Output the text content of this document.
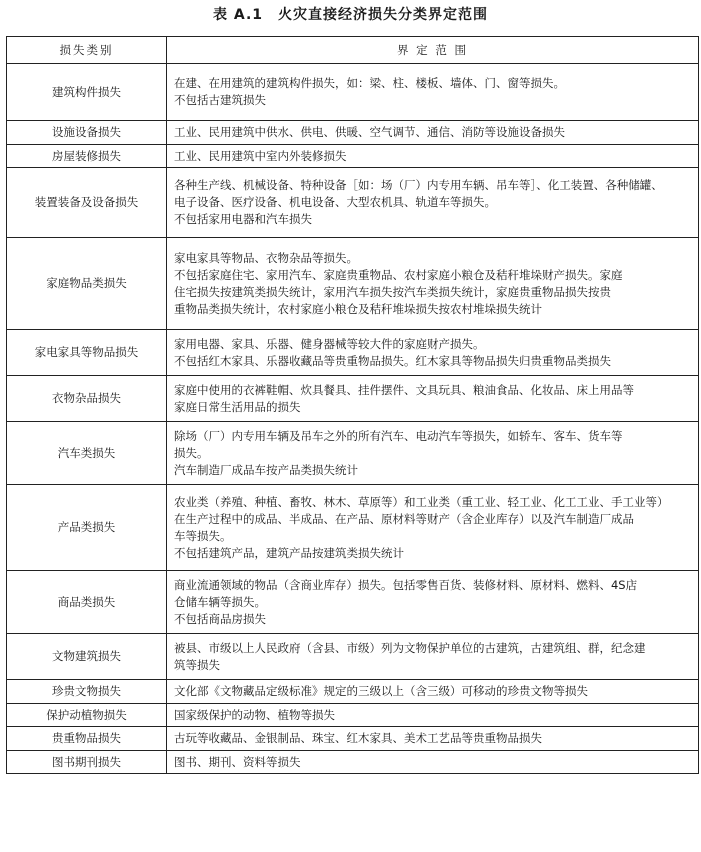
表 A.1　火灾直接经济损失分类界定范围
损失类别	界 定 范 围
建筑构件损失	在建、在用建筑的建筑构件损失，如：梁、柱、楼板、墙体、门、窗等损失。
不包括古建筑损失

设施设备损失	工业、民用建筑中供水、供电、供暖、空气调节、通信、消防等设施设备损失

房屋装修损失	工业、民用建筑中室内外装修损失

装置装备及设备损失	各种生产线、机械设备、特种设备［如：场（厂）内专用车辆、吊车等］、化工装置、各种储罐、
电子设备、医疗设备、机电设备、大型农机具、轨道车等损失。
不包括家用电器和汽车损失

家庭物品类损失	家电家具等物品、衣物杂品等损失。
不包括家庭住宅、家用汽车、家庭贵重物品、农村家庭小粮仓及秸秆堆垛财产损失。家庭
住宅损失按建筑类损失统计，家用汽车损失按汽车类损失统计，家庭贵重物品损失按贵
重物品类损失统计，农村家庭小粮仓及秸秆堆垛损失按农村堆垛损失统计

家电家具等物品损失	家用电器、家具、乐器、健身器械等较大件的家庭财产损失。
不包括红木家具、乐器收藏品等贵重物品损失。红木家具等物品损失归贵重物品类损失

衣物杂品损失	家庭中使用的衣裤鞋帽、炊具餐具、挂件摆件、文具玩具、粮油食品、化妆品、床上用品等
家庭日常生活用品的损失

汽车类损失	除场（厂）内专用车辆及吊车之外的所有汽车、电动汽车等损失，如轿车、客车、货车等
损失。
汽车制造厂成品车按产品类损失统计

产品类损失	农业类（养殖、种植、畜牧、林木、草原等）和工业类（重工业、轻工业、化工工业、手工业等）
在生产过程中的成品、半成品、在产品、原材料等财产（含企业库存）以及汽车制造厂成品
车等损失。
不包括建筑产品，建筑产品按建筑类损失统计

商品类损失	商业流通领域的物品（含商业库存）损失。包括零售百货、装修材料、原材料、燃料、4S店
仓储车辆等损失。
不包括商品房损失

文物建筑损失	被县、市级以上人民政府（含县、市级）列为文物保护单位的古建筑，古建筑组、群，纪念建
筑等损失

珍贵文物损失	文化部《文物藏品定级标准》规定的三级以上（含三级）可移动的珍贵文物等损失

保护动植物损失	国家级保护的动物、植物等损失

贵重物品损失	古玩等收藏品、金银制品、珠宝、红木家具、美术工艺品等贵重物品损失

图书期刊损失	图书、期刊、资料等损失
